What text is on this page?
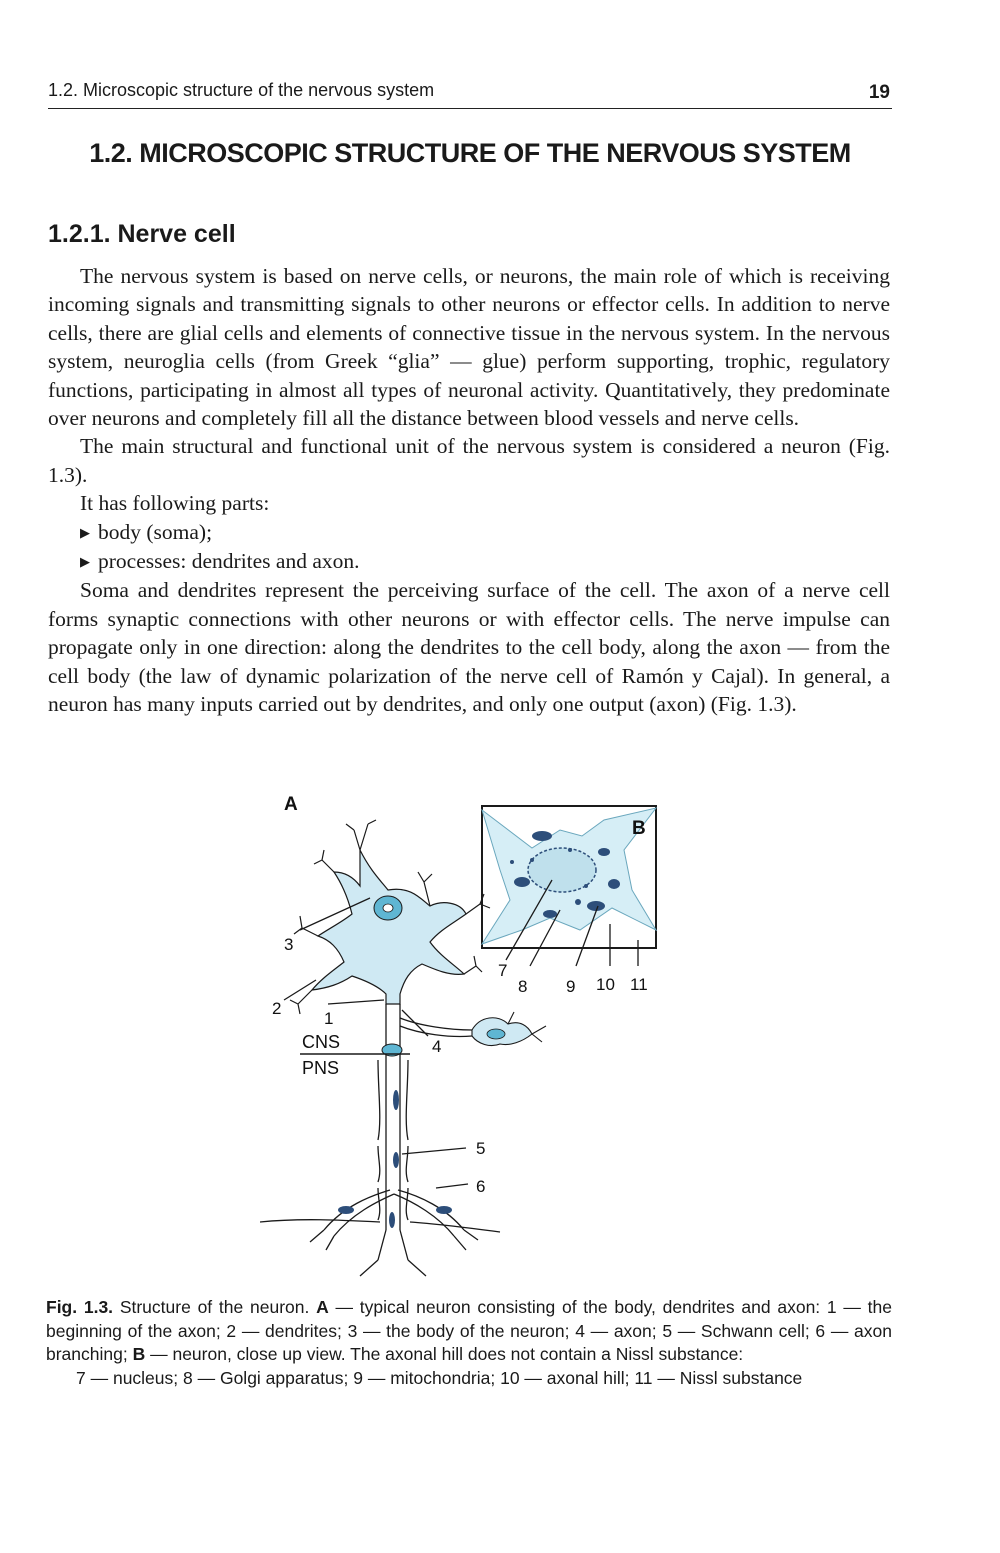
1.2. Microscopic structure of the nervous system	19
1.2. MICROSCOPIC STRUCTURE OF THE NERVOUS SYSTEM
1.2.1. Nerve cell

The nervous system is based on nerve cells, or neurons, the main role of which is receiving incoming signals and transmitting signals to other neurons or effector cells. In addition to nerve cells, there are glial cells and elements of connective tissue in the nervous system. In the nervous system, neuroglia cells (from Greek “glia” — glue) perform supporting, trophic, regulatory functions, participating in almost all types of neuronal activity. Quantitatively, they predominate over neurons and completely fill all the distance between blood vessels and nerve cells.

The main structural and functional unit of the nervous system is considered a neuron (Fig. 1.3).

It has following parts:

▶ body (soma);
▶ processes: dendrites and axon.

Soma and dendrites represent the perceiving surface of the cell. The axon of a nerve cell forms synaptic connections with other neurons or with effector cells. The nerve impulse can propagate only in one direction: along the dendrites to the cell body, along the axon — from the cell body (the law of dynamic polarization of the nerve cell of Ramón y Cajal). In general, a neuron has many inputs carried out by dendrites, and only one output (axon) (Fig. 1.3).

A
B
7
8 9 10 11
3
2
1
4
CNS
PNS
5
6
Fig. 1.3. Structure of the neuron. A — typical neuron consisting of the body, dendrites and axon: 1 — the beginning of the axon; 2 — dendrites; 3 — the body of the neuron; 4 — axon; 5 — Schwann cell; 6 — axon branching; B — neuron, close up view. The axonal hill does not contain a Nissl substance:
7 — nucleus; 8 — Golgi apparatus; 9 — mitochondria; 10 — axonal hill; 11 — Nissl substance
